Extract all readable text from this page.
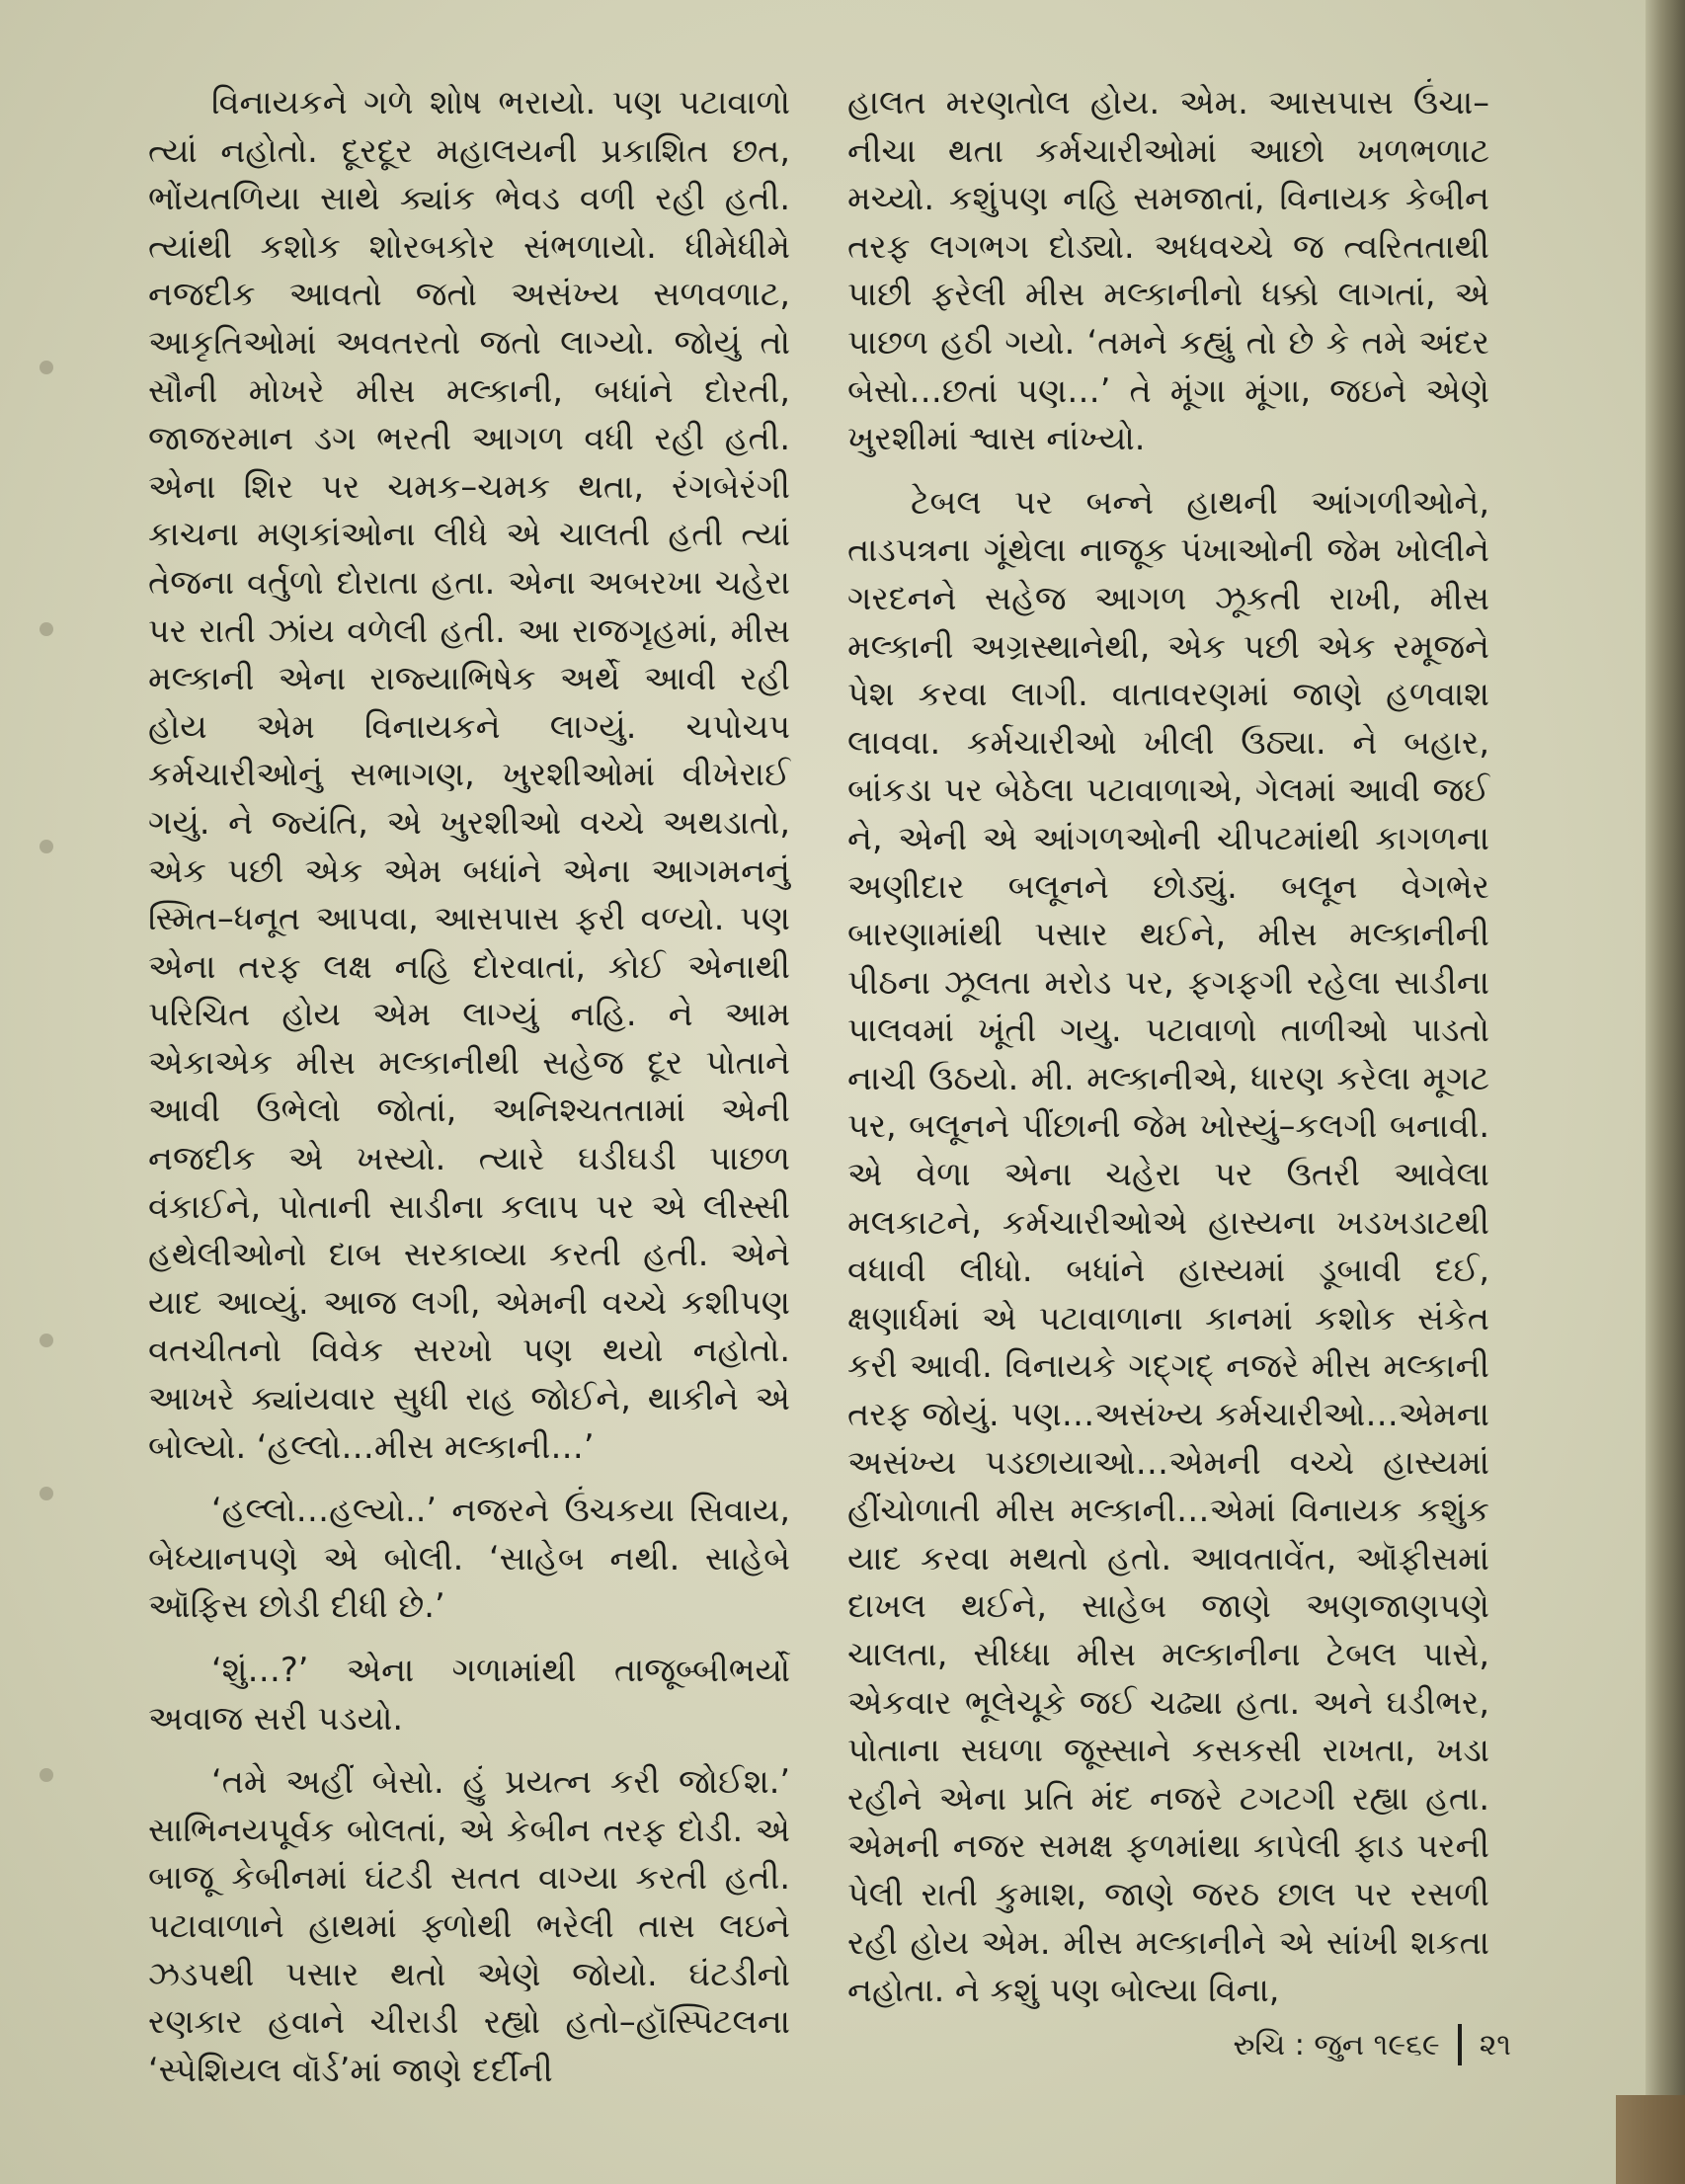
વિનાયકને ગળે શોષ ભરાયો. પણ પટાવાળો ત્યાં નહોતો. દૂરદૂર મહાલયની પ્રકાશિત છત, ભોંયતળિયા સાથે ક્યાંક ભેવડ વળી રહી હતી. ત્યાંથી કશોક શોરબકોર સંભળાયો. ધીમેધીમે નજદીક આવતો જતો અસંખ્ય સળવળાટ, આકૃતિઓમાં અવતરતો જતો લાગ્યો. જોયું તો સૌની મોખરે મીસ મલ્કાની, બધાંને દોરતી, જાજરમાન ડગ ભરતી આગળ વધી રહી હતી. એના શિર પર ચમક–ચમક થતા, રંગબેરંગી કાચના મણકાંઓના લીધે એ ચાલતી હતી ત્યાં તેજના વર્તુળો દોરાતા હતા. એના અબરખા ચહેરા પર રાતી ઝાંય વળેલી હતી. આ રાજગૃહમાં, મીસ મલ્કાની એના રાજ્યાભિષેક અર્થે આવી રહી હોય એમ વિનાયકને લાગ્યું. ચપોચપ કર્મચારીઓનું સભાગણ, ખુરશીઓમાં વીખેરાઈ ગયું. ને જ્યંતિ, એ ખુરશીઓ વચ્ચે અથડાતો, એક પછી એક એમ બધાંને એના આગમનનું સ્મિત–ધનૂત આપવા, આસપાસ ફરી વળ્યો. પણ એના તરફ લક્ષ નહિ દોરવાતાં, કોઈ એનાથી પરિચિત હોય એમ લાગ્યું નહિ. ને આમ એકાએક મીસ મલ્કાનીથી સહેજ દૂર પોતાને આવી ઉભેલો જોતાં, અનિશ્ચતતામાં એની નજદીક એ ખસ્યો. ત્યારે ઘડીઘડી પાછળ વંકાઈને, પોતાની સાડીના કલાપ પર એ લીસ્સી હથેલીઓનો દાબ સરકાવ્યા કરતી હતી. એને યાદ આવ્યું. આજ લગી, એમની વચ્ચે કશીપણ વતચીતનો વિવેક સરખો પણ થયો નહોતો. આખરે ક્યાંયવાર સુધી રાહ જોઈને, થાકીને એ બોલ્યો. ‘હલ્લો…મીસ મલ્કાની…’

‘હલ્લો…હલ્યો..’ નજરને ઉંચકયા સિવાય, બેધ્યાનપણે એ બોલી. ‘સાહેબ નથી. સાહેબે ઑફિસ છોડી દીધી છે.’

‘શું…?’ એના ગળામાંથી તાજૂબ્બીભર્યો અવાજ સરી પડયો.

‘તમે અહીં બેસો. હું પ્રયત્ન કરી જોઈશ.’ સાભિનયપૂર્વક બોલતાં, એ કેબીન તરફ દોડી. એ બાજૂ કેબીનમાં ઘંટડી સતત વાગ્યા કરતી હતી. પટાવાળાને હાથમાં ફ્ળોથી ભરેલી તાસ લઇને ઝડપથી પસાર થતો એણે જોયો. ઘંટડીનો રણકાર હવાને ચીરાડી રહ્યો હતો–હૉસ્પિટલના ‘સ્પેશિયલ વૉર્ડ’માં જાણે દર્દીની

હાલત મરણતોલ હોય. એમ. આસપાસ ઉંચા–નીચા થતા કર્મચારીઓમાં આછો ખળભળાટ મચ્યો. કશુંપણ નહિ સમજાતાં, વિનાયક કેબીન તરફ લગભગ દોડ્યો. અધવચ્ચે જ ત્વરિતતાથી પાછી ફરેલી મીસ મલ્કાનીનો ધક્કો લાગતાં, એ પાછળ હઠી ગયો. ‘તમને કહ્યું તો છે કે તમે અંદર બેસો…છતાં પણ…’ તે મૂંગા મૂંગા, જઇને એણે ખુરશીમાં શ્વાસ નાંખ્યો.

ટેબલ પર બન્ને હાથની આંગળીઓને, તાડપત્રના ગૂંથેલા નાજૂક પંખાઓની જેમ ખોલીને ગરદનને સહેજ આગળ ઝૂકતી રાખી, મીસ મલ્કાની અગ્રસ્થાનેથી, એક પછી એક રમૂજને પેશ કરવા લાગી. વાતાવરણમાં જાણે હળવાશ લાવવા. કર્મચારીઓ ખીલી ઉઠ્યા. ને બહાર, બાંકડા પર બેઠેલા પટાવાળાએ, ગેલમાં આવી જઈ ને, એની એ આંગળઓની ચીપટમાંથી કાગળના અણીદાર બલૂનને છોડ્યું. બલૂન વેગભેર બારણામાંથી પસાર થઈને, મીસ મલ્કાનીની પીઠના ઝૂલતા મરોડ પર, ફગફગી રહેલા સાડીના પાલવમાં ખૂંતી ગયુ. પટાવાળો તાળીઓ પાડતો નાચી ઉઠયો. મી. મલ્કાનીએ, ધારણ કરેલા મૂગટ પર, બલૂનને પીંછાની જેમ ખોસ્યું–કલગી બનાવી. એ વેળા એના ચહેરા પર ઉતરી આવેલા મલકાટને, કર્મચારીઓએ હાસ્યના ખડખડાટથી વધાવી લીધો. બધાંને હાસ્યમાં ડૂબાવી દઈ, ક્ષણાર્ધમાં એ પટાવાળાના કાનમાં કશોક સંકેત કરી આવી. વિનાયકે ગદ્ગદ્ નજરે મીસ મલ્કાની તરફ જોયું. પણ…અસંખ્ય કર્મચારીઓ…એમના અસંખ્ય પડછાયાઓ…એમની વચ્ચે હાસ્યમાં હીંચોળાતી મીસ મલ્કાની…એમાં વિનાયક કશુંક યાદ કરવા મથતો હતો. આવતાવેંત, ઑફીસમાં દાખલ થઈને, સાહેબ જાણે અણજાણપણે ચાલતા, સીધ્ધા મીસ મલ્કાનીના ટેબલ પાસે, એકવાર ભૂલેચૂકે જઈ ચઢ્યા હતા. અને ઘડીભર, પોતાના સઘળા જૂસ્સાને કસકસી રાખતા, ખડા રહીને એના પ્રતિ મંદ નજરે ટગટગી રહ્યા હતા. એમની નજર સમક્ષ ફળમાંથા કાપેલી ફાડ પરની પેલી રાતી કુમાશ, જાણે જરઠ છાલ પર રસળી રહી હોય એમ. મીસ મલ્કાનીને એ સાંખી શકતા નહોતા. ને કશું પણ બોલ્યા વિના,

રુચિ : જુન ૧૯૬૯ ૨૧
